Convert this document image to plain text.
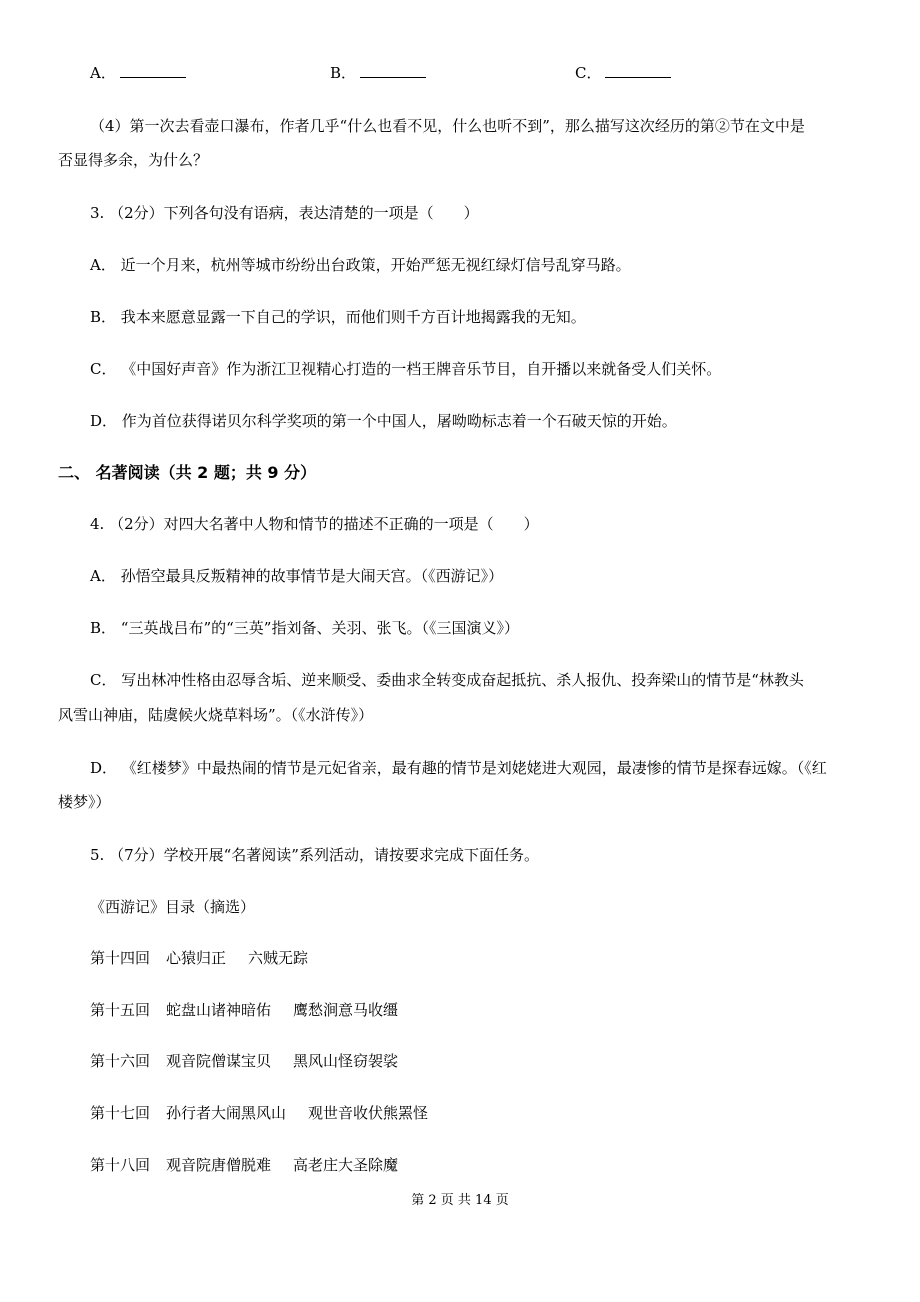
A．	B．	C．
（4）第一次去看壶口瀑布，作者几乎“什么也看不见，什么也听不到”，那么描写这次经历的第②节在文中是
否显得多余，为什么？
3. （2分）下列各句没有语病，表达清楚的一项是（　　）
A． 近一个月来，杭州等城市纷纷出台政策，开始严惩无视红绿灯信号乱穿马路。
B． 我本来愿意显露一下自己的学识，而他们则千方百计地揭露我的无知。
C． 《中国好声音》作为浙江卫视精心打造的一档王牌音乐节目，自开播以来就备受人们关怀。
D． 作为首位获得诺贝尔科学奖项的第一个中国人，屠呦呦标志着一个石破天惊的开始。
二、 名著阅读（共 2 题；共 9 分）
4. （2分）对四大名著中人物和情节的描述不正确的一项是（　　）
A． 孙悟空最具反叛精神的故事情节是大闹天宫。（《西游记》）
B． “三英战吕布”的“三英”指刘备、关羽、张飞。（《三国演义》）
C． 写出林冲性格由忍辱含垢、逆来顺受、委曲求全转变成奋起抵抗、杀人报仇、投奔梁山的情节是“林教头
风雪山神庙，陆虞候火烧草料场”。（《水浒传》）
D． 《红楼梦》中最热闹的情节是元妃省亲，最有趣的情节是刘姥姥进大观园，最凄惨的情节是探春远嫁。（《红
楼梦》）
5. （7分）学校开展“名著阅读”系列活动，请按要求完成下面任务。
《西游记》目录（摘选）
第十四回 心猿归正 六贼无踪
第十五回 蛇盘山诸神暗佑 鹰愁涧意马收缰
第十六回 观音院僧谋宝贝 黑风山怪窃袈裟
第十七回 孙行者大闹黑风山 观世音收伏熊罴怪
第十八回 观音院唐僧脱难 高老庄大圣除魔
第 2 页 共 14 页
